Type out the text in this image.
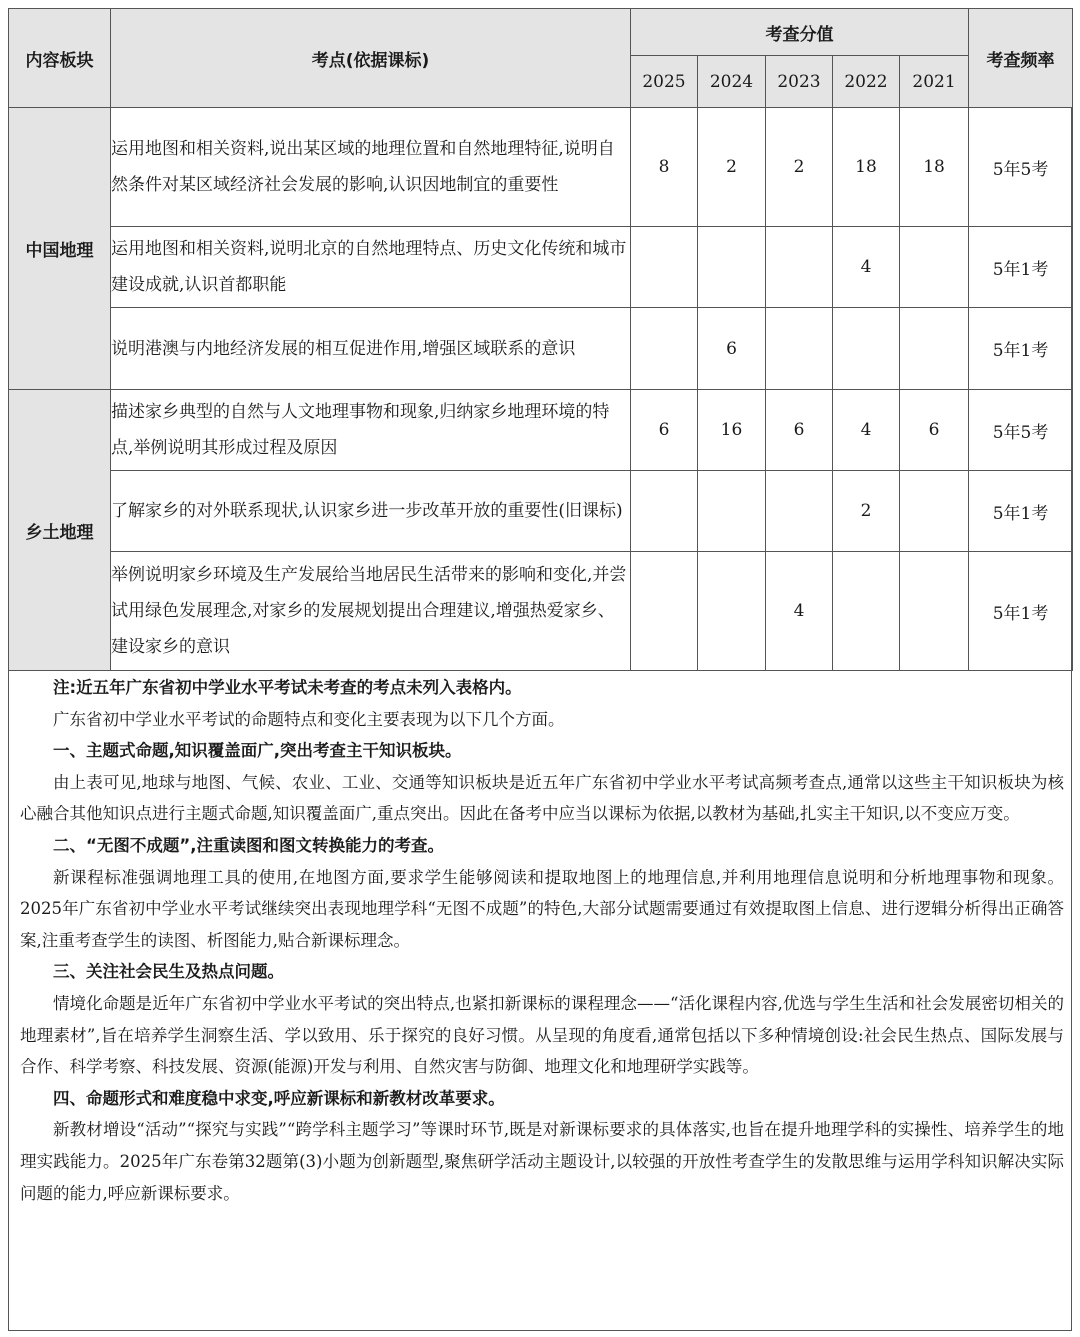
内容板块	考点(依据课标)	考查分值					考查频率
		2025	2024	2023	2022	2021	
中国地理	运用地图和相关资料,说出某区域的地理位置和自然地理特征,说明自然条件对某区域经济社会发展的影响,认识因地制宜的重要性	8	2	2	18	18	5年5考
	运用地图和相关资料,说明北京的自然地理特点、历史文化传统和城市建设成就,认识首都职能				4		5年1考
	说明港澳与内地经济发展的相互促进作用,增强区域联系的意识		6				5年1考
乡土地理	描述家乡典型的自然与人文地理事物和现象,归纳家乡地理环境的特点,举例说明其形成过程及原因	6	16	6	4	6	5年5考
	了解家乡的对外联系现状,认识家乡进一步改革开放的重要性(旧课标)				2		5年1考
	举例说明家乡环境及生产发展给当地居民生活带来的影响和变化,并尝试用绿色发展理念,对家乡的发展规划提出合理建议,增强热爱家乡、建设家乡的意识			4			5年1考

注:近五年广东省初中学业水平考试未考查的考点未列入表格内。

广东省初中学业水平考试的命题特点和变化主要表现为以下几个方面。

一、主题式命题,知识覆盖面广,突出考查主干知识板块。

由上表可见,地球与地图、气候、农业、工业、交通等知识板块是近五年广东省初中学业水平考试高频考查点,通常以这些主干知识板块为核心融合其他知识点进行主题式命题,知识覆盖面广,重点突出。因此在备考中应当以课标为依据,以教材为基础,扎实主干知识,以不变应万变。

二、“无图不成题”,注重读图和图文转换能力的考查。

新课程标准强调地理工具的使用,在地图方面,要求学生能够阅读和提取地图上的地理信息,并利用地理信息说明和分析地理事物和现象。2025年广东省初中学业水平考试继续突出表现地理学科“无图不成题”的特色,大部分试题需要通过有效提取图上信息、进行逻辑分析得出正确答案,注重考查学生的读图、析图能力,贴合新课标理念。

三、关注社会民生及热点问题。

情境化命题是近年广东省初中学业水平考试的突出特点,也紧扣新课标的课程理念——“活化课程内容,优选与学生生活和社会发展密切相关的地理素材”,旨在培养学生洞察生活、学以致用、乐于探究的良好习惯。从呈现的角度看,通常包括以下多种情境创设:社会民生热点、国际发展与合作、科学考察、科技发展、资源(能源)开发与利用、自然灾害与防御、地理文化和地理研学实践等。

四、命题形式和难度稳中求变,呼应新课标和新教材改革要求。

新教材增设“活动”“探究与实践”“跨学科主题学习”等课时环节,既是对新课标要求的具体落实,也旨在提升地理学科的实操性、培养学生的地理实践能力。2025年广东卷第32题第(3)小题为创新题型,聚焦研学活动主题设计,以较强的开放性考查学生的发散思维与运用学科知识解决实际问题的能力,呼应新课标要求。
